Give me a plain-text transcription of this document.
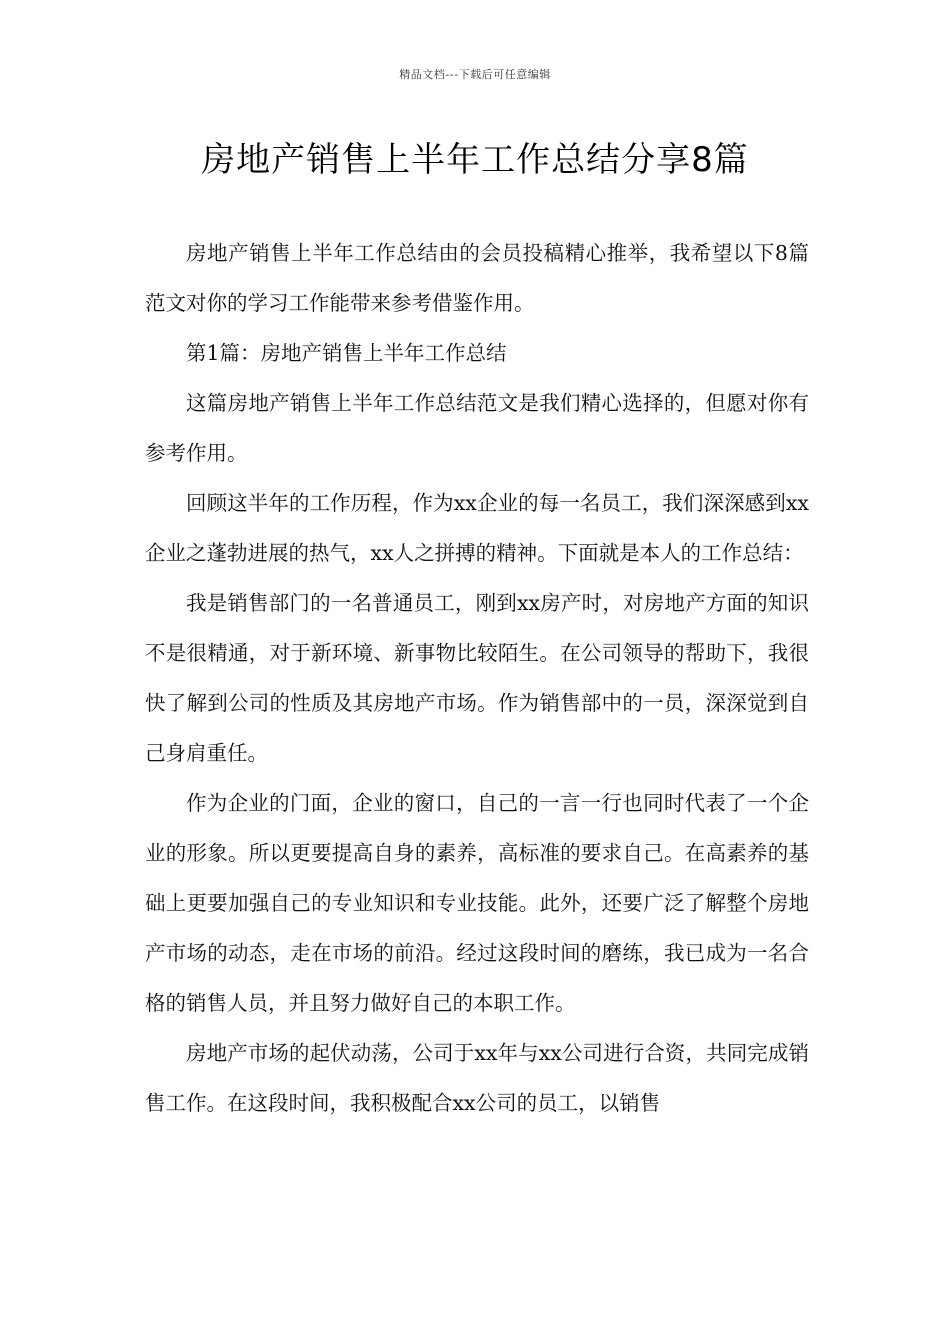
精品文档---下载后可任意编辑
房地产销售上半年工作总结分享8篇

房地产销售上半年工作总结由的会员投稿精心推举，我希望以下8篇范文对你的学习工作能带来参考借鉴作用。

第1篇：房地产销售上半年工作总结

这篇房地产销售上半年工作总结范文是我们精心选择的，但愿对你有参考作用。

回顾这半年的工作历程，作为xx企业的每一名员工，我们深深感到xx企业之蓬勃进展的热气，xx人之拼搏的精神。下面就是本人的工作总结：

我是销售部门的一名普通员工，刚到xx房产时，对房地产方面的知识不是很精通，对于新环境、新事物比较陌生。在公司领导的帮助下，我很快了解到公司的性质及其房地产市场。作为销售部中的一员，深深觉到自己身肩重任。

作为企业的门面，企业的窗口，自己的一言一行也同时代表了一个企业的形象。所以更要提高自身的素养，高标准的要求自己。在高素养的基础上更要加强自己的专业知识和专业技能。此外，还要广泛了解整个房地产市场的动态，走在市场的前沿。经过这段时间的磨练，我已成为一名合格的销售人员，并且努力做好自己的本职工作。

房地产市场的起伏动荡，公司于xx年与xx公司进行合资，共同完成销售工作。在这段时间，我积极配合xx公司的员工，以销售
